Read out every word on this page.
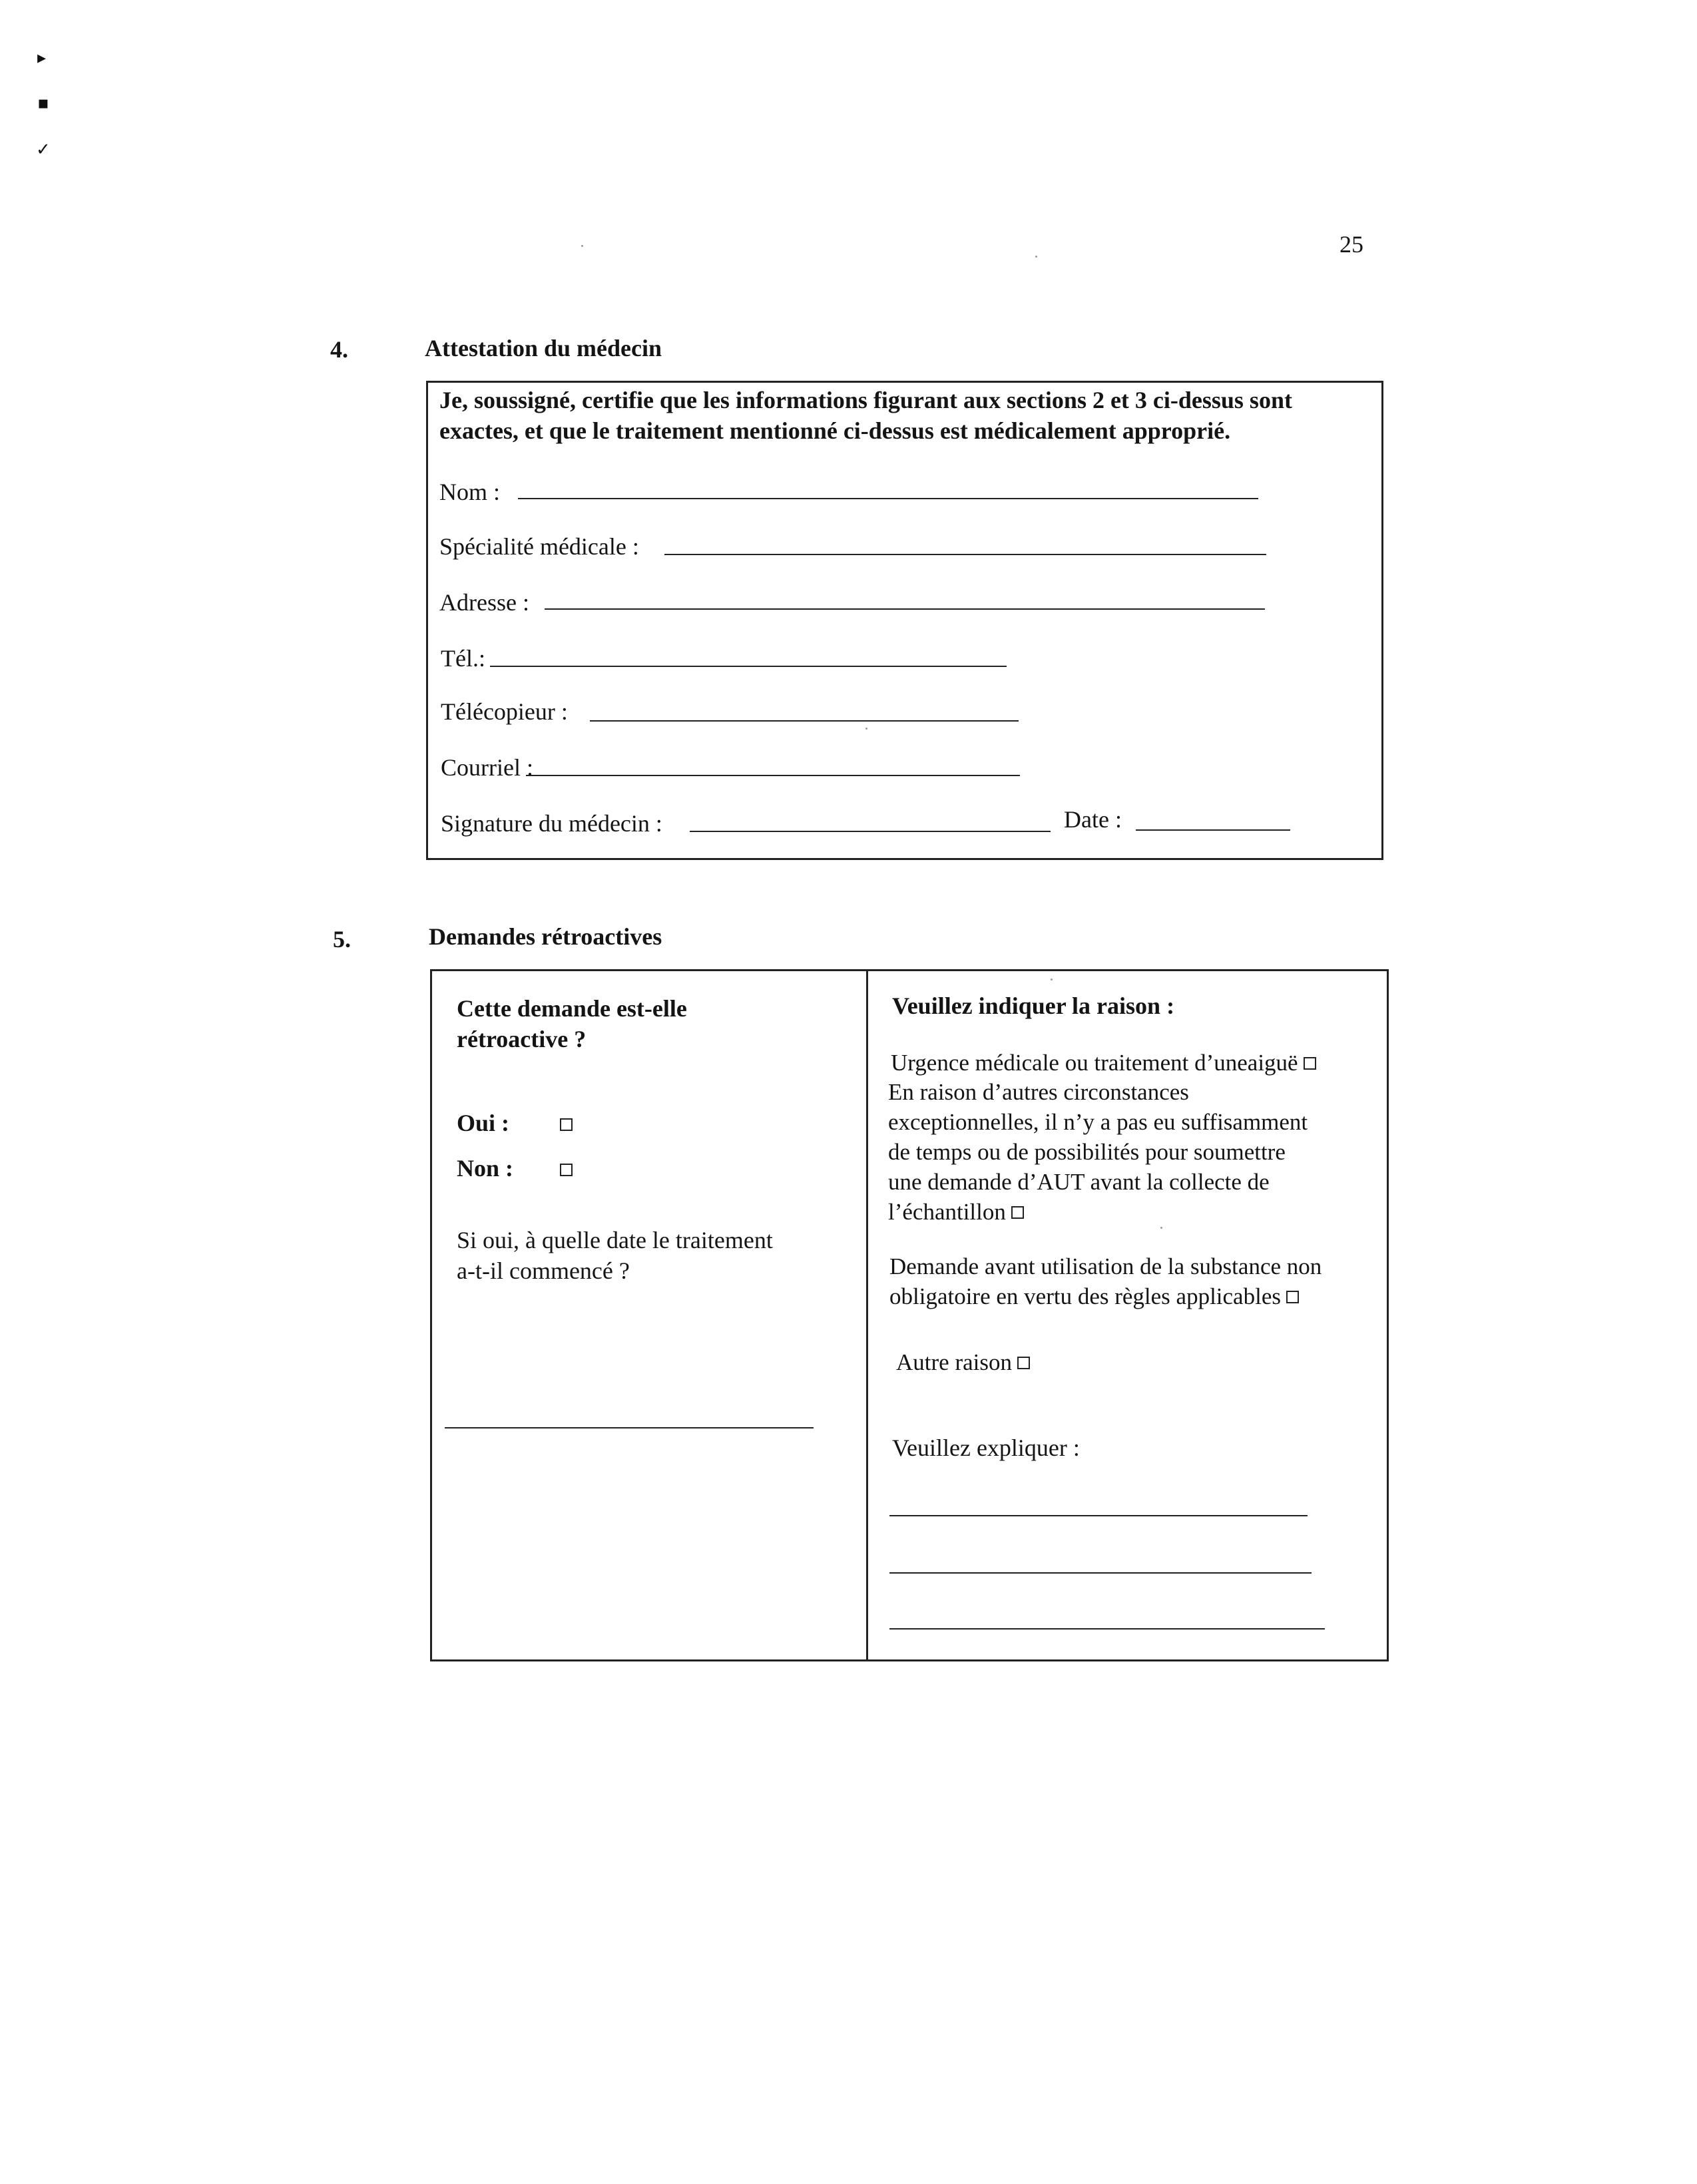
▸
▪
✓
25
4.	Attestation du médecin
Je, soussigné, certifie que les informations figurant aux sections 2 et 3 ci-dessus sont
exactes, et que le traitement mentionné ci-dessus est médicalement approprié.
Nom :
Spécialité médicale :
Adresse :
Tél.:
Télécopieur :
Courriel :
Signature du médecin :	Date :
5.	Demandes rétroactives
Cette demande est-elle
rétroactive ?
Oui :
Non :
Si oui, à quelle date le traitement
a-t-il commencé ?
Veuillez indiquer la raison :
Urgence médicale ou traitement d’uneaiguë
En raison d’autres circonstances
exceptionnelles, il n’y a pas eu suffisamment
de temps ou de possibilités pour soumettre
une demande d’AUT avant la collecte de
l’échantillon
Demande avant utilisation de la substance non
obligatoire en vertu des règles applicables
Autre raison
Veuillez expliquer :
